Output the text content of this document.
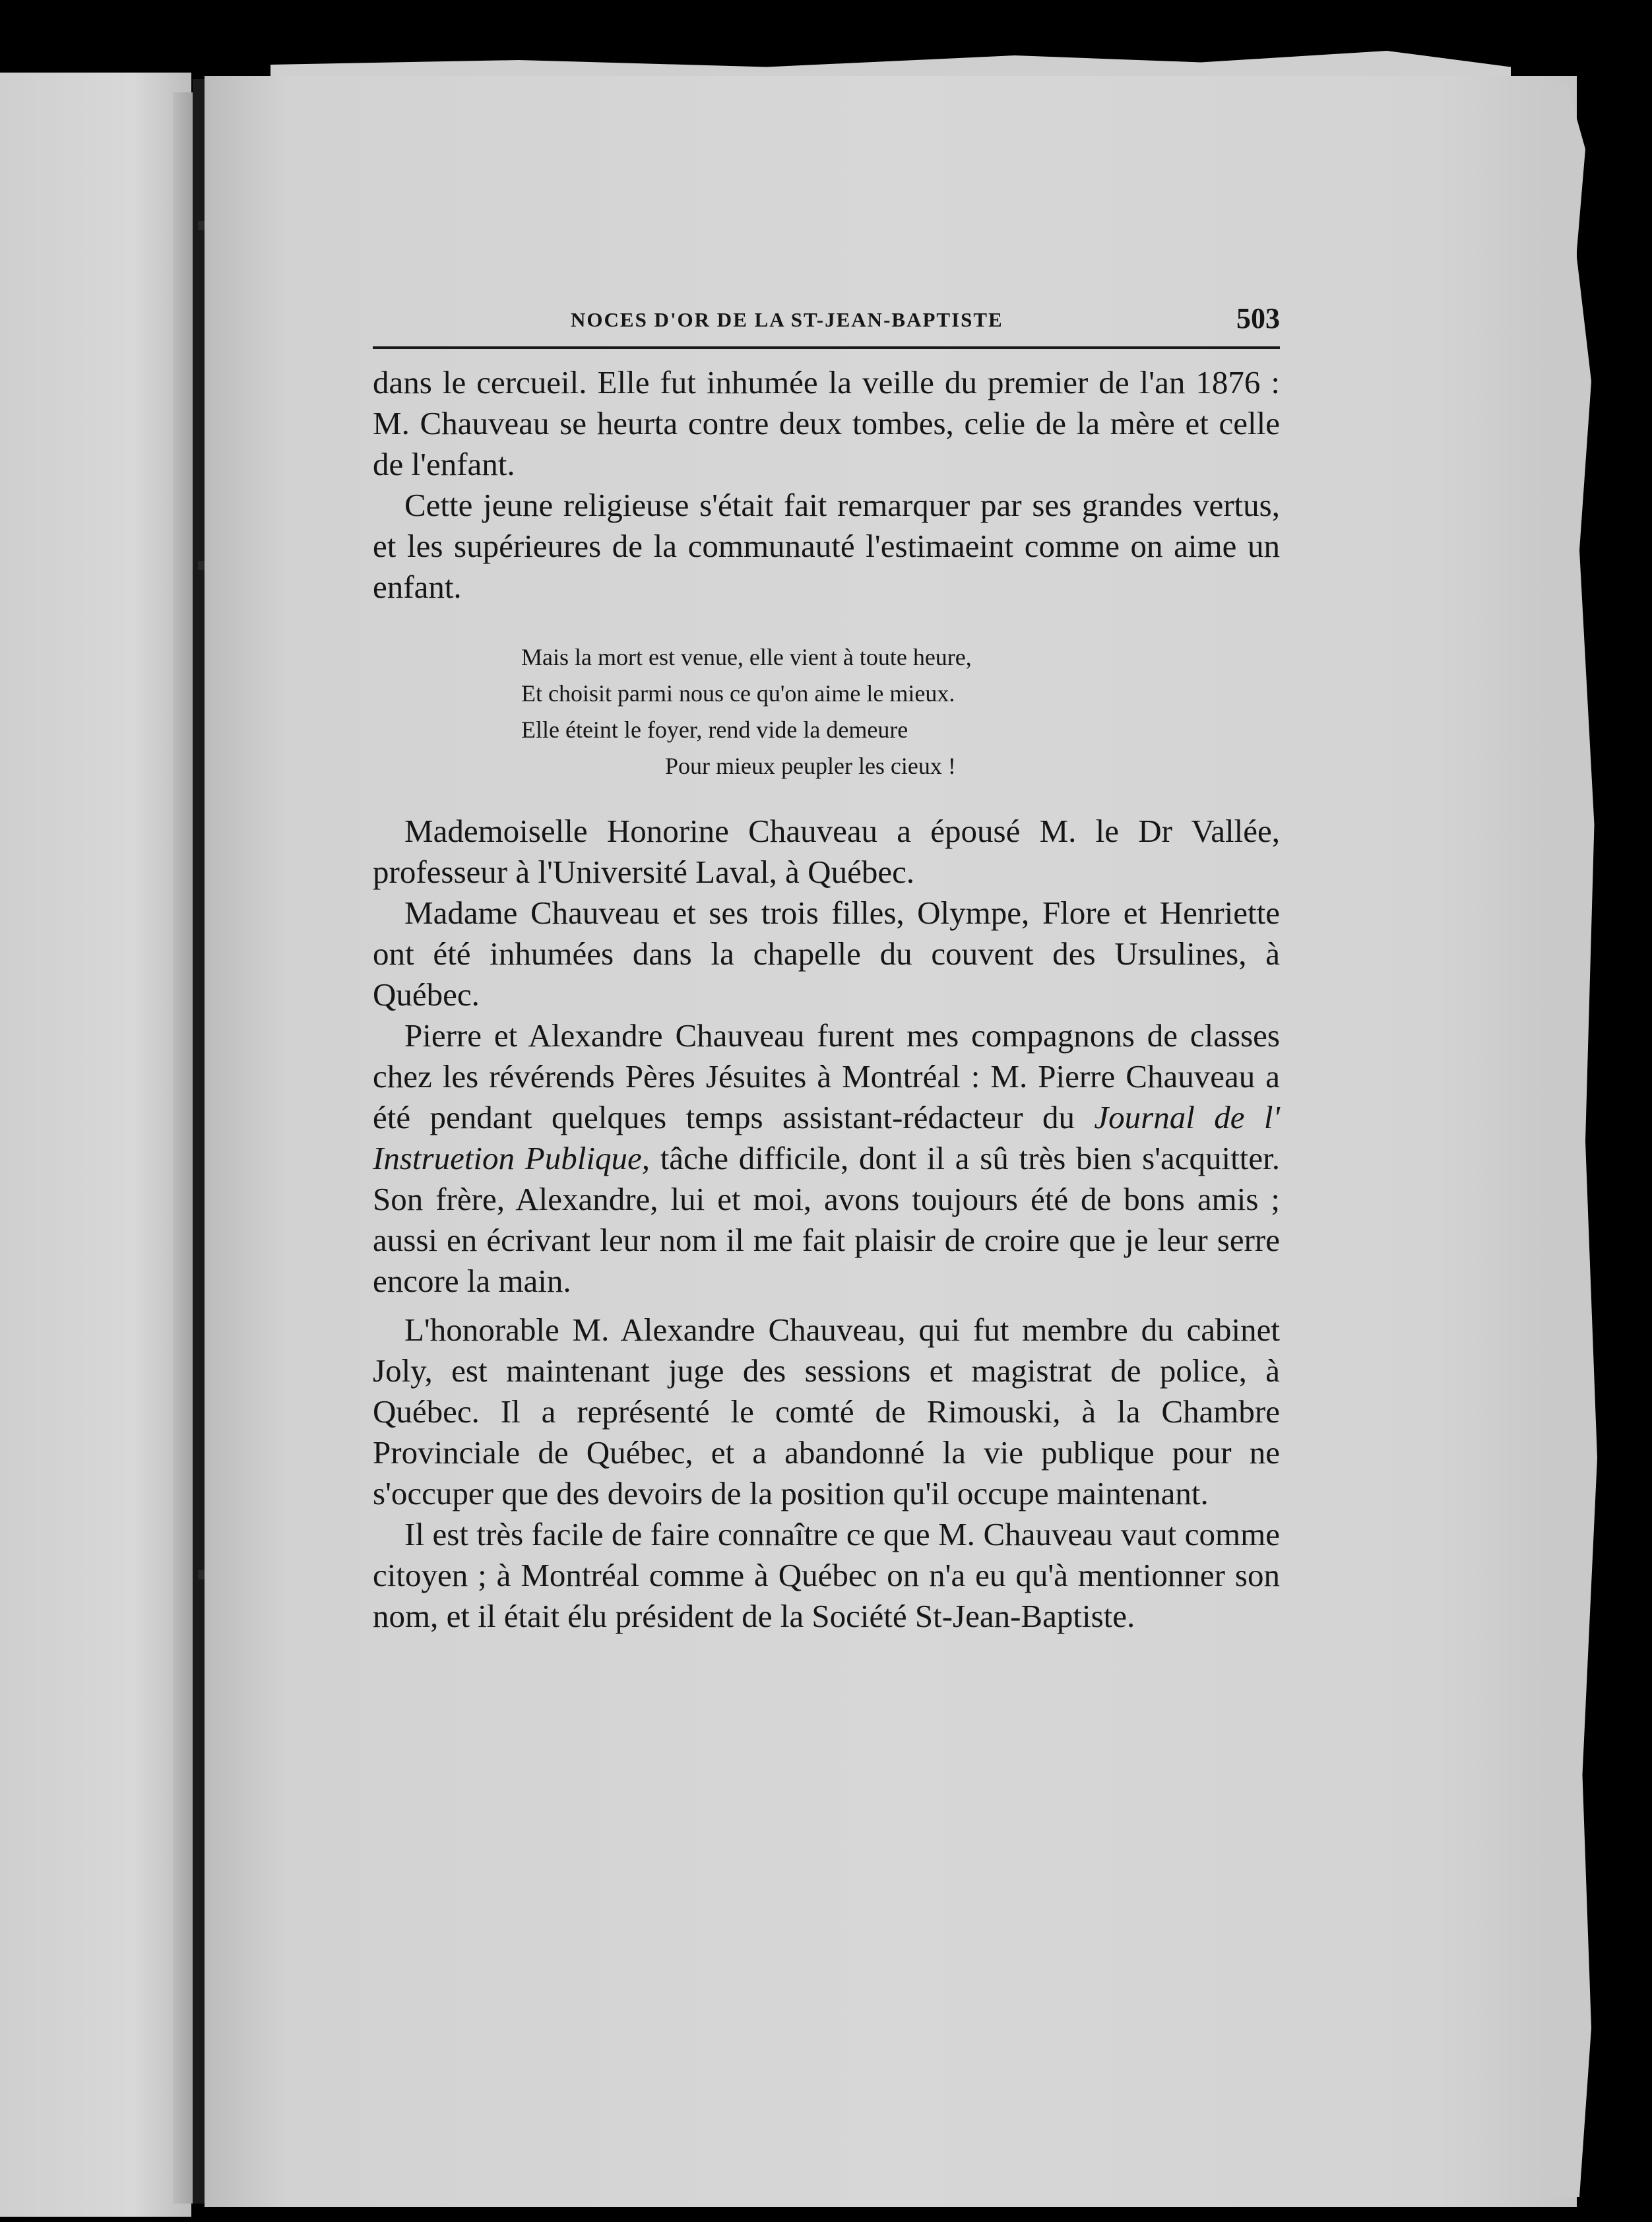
NOCES D'OR DE LA ST-JEAN-BAPTISTE	503

dans le cercueil. Elle fut inhumée la veille du premier de l'an 1876 : M. Chauveau se heurta contre deux tombes, celie de la mère et celle de l'enfant.

Cette jeune religieuse s'était fait remarquer par ses grandes vertus, et les supérieures de la communauté l'estimaeint comme on aime un enfant.

Mais la mort est venue, elle vient à toute heure,
Et choisit parmi nous ce qu'on aime le mieux.
Elle éteint le foyer, rend vide la demeure
Pour mieux peupler les cieux !

Mademoiselle Honorine Chauveau a épousé M. le Dr Vallée, professeur à l'Université Laval, à Québec.

Madame Chauveau et ses trois filles, Olympe, Flore et Henriette ont été inhumées dans la chapelle du couvent des Ursulines, à Québec.

Pierre et Alexandre Chauveau furent mes compagnons de classes chez les révérends Pères Jésuites à Montréal : M. Pierre Chauveau a été pendant quelques temps assistant-rédacteur du Journal de l' Instruetion Publique, tâche difficile, dont il a sû très bien s'acquitter. Son frère, Alexandre, lui et moi, avons toujours été de bons amis ; aussi en écrivant leur nom il me fait plaisir de croire que je leur serre encore la main.

L'honorable M. Alexandre Chauveau, qui fut membre du cabinet Joly, est maintenant juge des sessions et magistrat de police, à Québec. Il a représenté le comté de Rimouski, à la Chambre Provinciale de Québec, et a abandonné la vie publique pour ne s'occuper que des devoirs de la position qu'il occupe maintenant.

Il est très facile de faire connaître ce que M. Chauveau vaut comme citoyen ; à Montréal comme à Québec on n'a eu qu'à mentionner son nom, et il était élu président de la Société St-Jean-Baptiste.
